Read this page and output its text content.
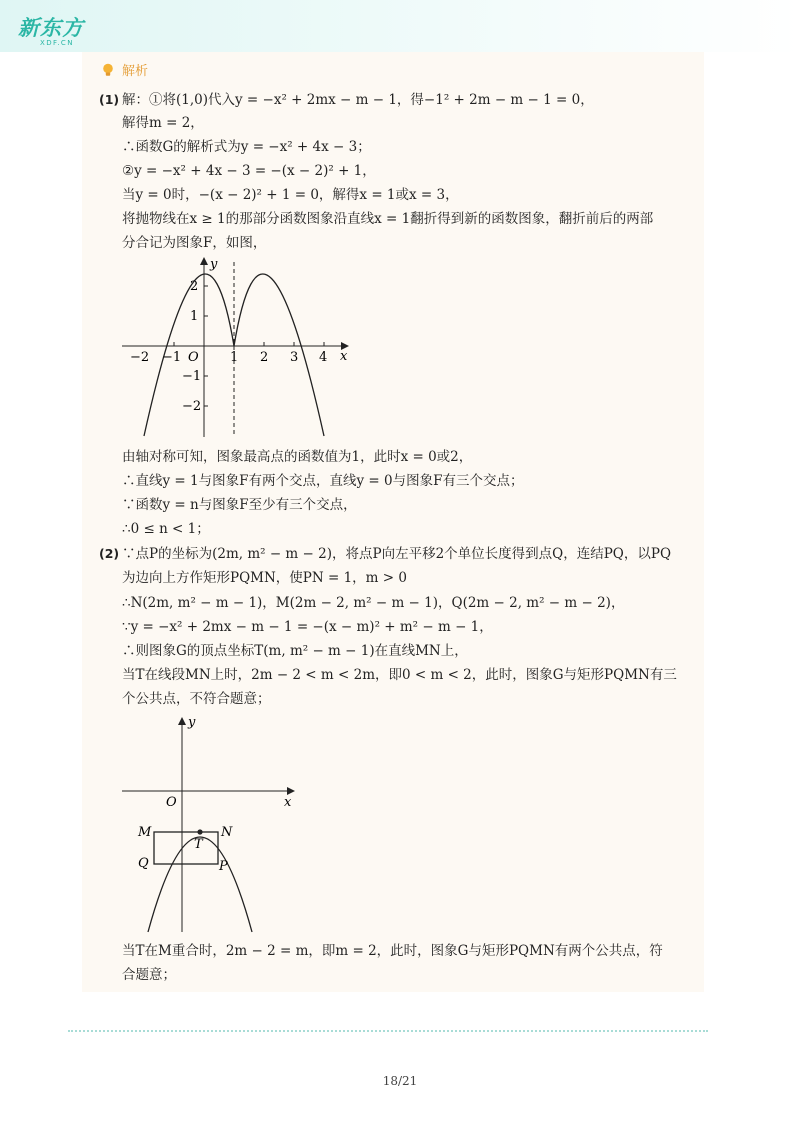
新东方
XDF.CN
解析
(1) 解：①将(1,0)代入y = −x² + 2mx − m − 1，得−1² + 2m − m − 1 = 0，
解得m = 2，
∴函数G的解析式为y = −x² + 4x − 3；
②y = −x² + 4x − 3 = −(x − 2)² + 1，
当y = 0时，−(x − 2)² + 1 = 0，解得x = 1或x = 3，
将抛物线在x ≥ 1的那部分函数图象沿直线x = 1翻折得到新的函数图象，翻折前后的两部
分合记为图象F，如图，
y
x
O
−2 −1	1 2 3 4
2
1
−1
−2
由轴对称可知，图象最高点的函数值为1，此时x = 0或2，
∴直线y = 1与图象F有两个交点，直线y = 0与图象F有三个交点；
∵函数y = n与图象F至少有三个交点，
∴0 ≤ n < 1；
(2) ∵点P的坐标为(2m, m² − m − 2)，将点P向左平移2个单位长度得到点Q，连结PQ，以PQ
为边向上方作矩形PQMN，使PN = 1，m > 0
∴N(2m, m² − m − 1)，M(2m − 2, m² − m − 1)，Q(2m − 2, m² − m − 2)，
∵y = −x² + 2mx − m − 1 = −(x − m)² + m² − m − 1，
∴则图象G的顶点坐标T(m, m² − m − 1)在直线MN上，
当T在线段MN上时，2m − 2 < m < 2m，即0 < m < 2，此时，图象G与矩形PQMN有三
个公共点，不符合题意；
y
x
O
M	N
T
Q	P
当T在M重合时，2m − 2 = m，即m = 2，此时，图象G与矩形PQMN有两个公共点，符
合题意；
18/21
